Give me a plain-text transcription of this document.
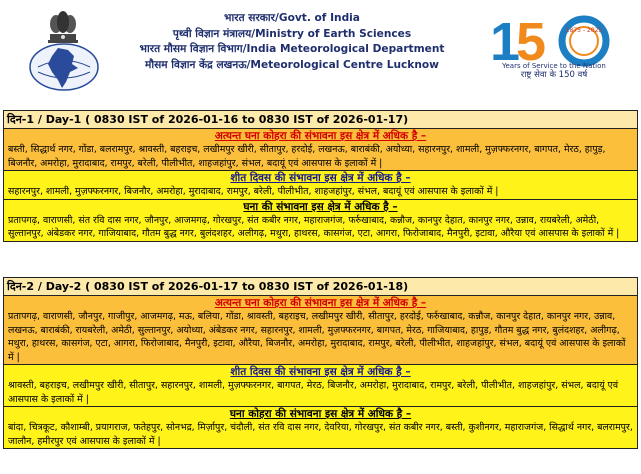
भारत सरकार/Govt. of India
पृथ्वी विज्ञान मंत्रालय/Ministry of Earth Sciences
भारत मौसम विज्ञान विभाग/India Meteorological Department
मौसम विज्ञान केंद्र लखनऊ/Meteorological Centre Lucknow 1
5	1875 - 2025
Years of Service to the Nation
राष्ट्र सेवा के 150 वर्ष
दिन-1 / Day-1 ( 0830 IST of 2026-01-16 to 0830 IST of 2026-01-17)
अत्यन्त घना कोहरा की संभावना इस क्षेत्र में अधिक है –
बस्ती, सिद्धार्थ नगर, गोंडा, बलरामपुर, श्रावस्ती, बहराइच, लखीमपुर खीरी, सीतापुर, हरदोई, लखनऊ, बाराबंकी, अयोध्या, सहारनपुर, शामली, मुज़फ्फरनगर, बागपत, मेरठ, हापुड़, बिजनौर, अमरोहा, मुरादाबाद, रामपुर, बरेली, पीलीभीत, शाहजहांपुर, संभल, बदायूं एवं आसपास के इलाकों में |
शीत दिवस की संभावना इस क्षेत्र में अधिक है –
सहारनपुर, शामली, मुज़फ्फरनगर, बिजनौर, अमरोहा, मुरादाबाद, रामपुर, बरेली, पीलीभीत, शाहजहांपुर, संभल, बदायूं एवं आसपास के इलाकों में |
घना की संभावना इस क्षेत्र में अधिक है –
प्रतापगढ़, वाराणसी, संत रवि दास नगर, जौनपुर, आजमगढ़, गोरखपुर, संत कबीर नगर, महाराजगंज, फर्रुखाबाद, कन्नौज, कानपुर देहात, कानपुर नगर, उन्नाव, रायबरेली, अमेठी, सुल्तानपुर, अंबेडकर नगर, गाजियाबाद, गौतम बुद्ध नगर, बुलंदशहर, अलीगढ़, मथुरा, हाथरस, कासगंज, एटा, आगरा, फिरोजाबाद, मैनपुरी, इटावा, औरैया एवं आसपास के इलाकों में |
दिन-2 / Day-2 ( 0830 IST of 2026-01-17 to 0830 IST of 2026-01-18)
अत्यन्त घना कोहरा की संभावना इस क्षेत्र में अधिक है –
प्रतापगढ़, वाराणसी, जौनपुर, गाजीपुर, आजमगढ़, मऊ, बलिया, गोंडा, श्रावस्ती, बहराइच, लखीमपुर खीरी, सीतापुर, हरदोई, फर्रुखाबाद, कन्नौज, कानपुर देहात, कानपुर नगर, उन्नाव, लखनऊ, बाराबंकी, रायबरेली, अमेठी, सुल्तानपुर, अयोध्या, अंबेडकर नगर, सहारनपुर, शामली, मुज़फ्फरनगर, बागपत, मेरठ, गाजियाबाद, हापुड़, गौतम बुद्ध नगर, बुलंदशहर, अलीगढ़, मथुरा, हाथरस, कासगंज, एटा, आगरा, फिरोजाबाद, मैनपुरी, इटावा, औरैया, बिजनौर, अमरोहा, मुरादाबाद, रामपुर, बरेली, पीलीभीत, शाहजहांपुर, संभल, बदायूं एवं आसपास के इलाकों में |
शीत दिवस की संभावना इस क्षेत्र में अधिक है –
श्रावस्ती, बहराइच, लखीमपुर खीरी, सीतापुर, सहारनपुर, शामली, मुज़फ्फरनगर, बागपत, मेरठ, बिजनौर, अमरोहा, मुरादाबाद, रामपुर, बरेली, पीलीभीत, शाहजहांपुर, संभल, बदायूं एवं आसपास के इलाकों में |
घना कोहरा की संभावना इस क्षेत्र में अधिक है –
बांदा, चित्रकूट, कौशाम्बी, प्रयागराज, फतेहपुर, सोनभद्र, मिर्ज़ापुर, चंदौली, संत रवि दास नगर, देवरिया, गोरखपुर, संत कबीर नगर, बस्ती, कुशीनगर, महाराजगंज, सिद्धार्थ नगर, बलरामपुर, जालौन, हमीरपुर एवं आसपास के इलाकों में |
